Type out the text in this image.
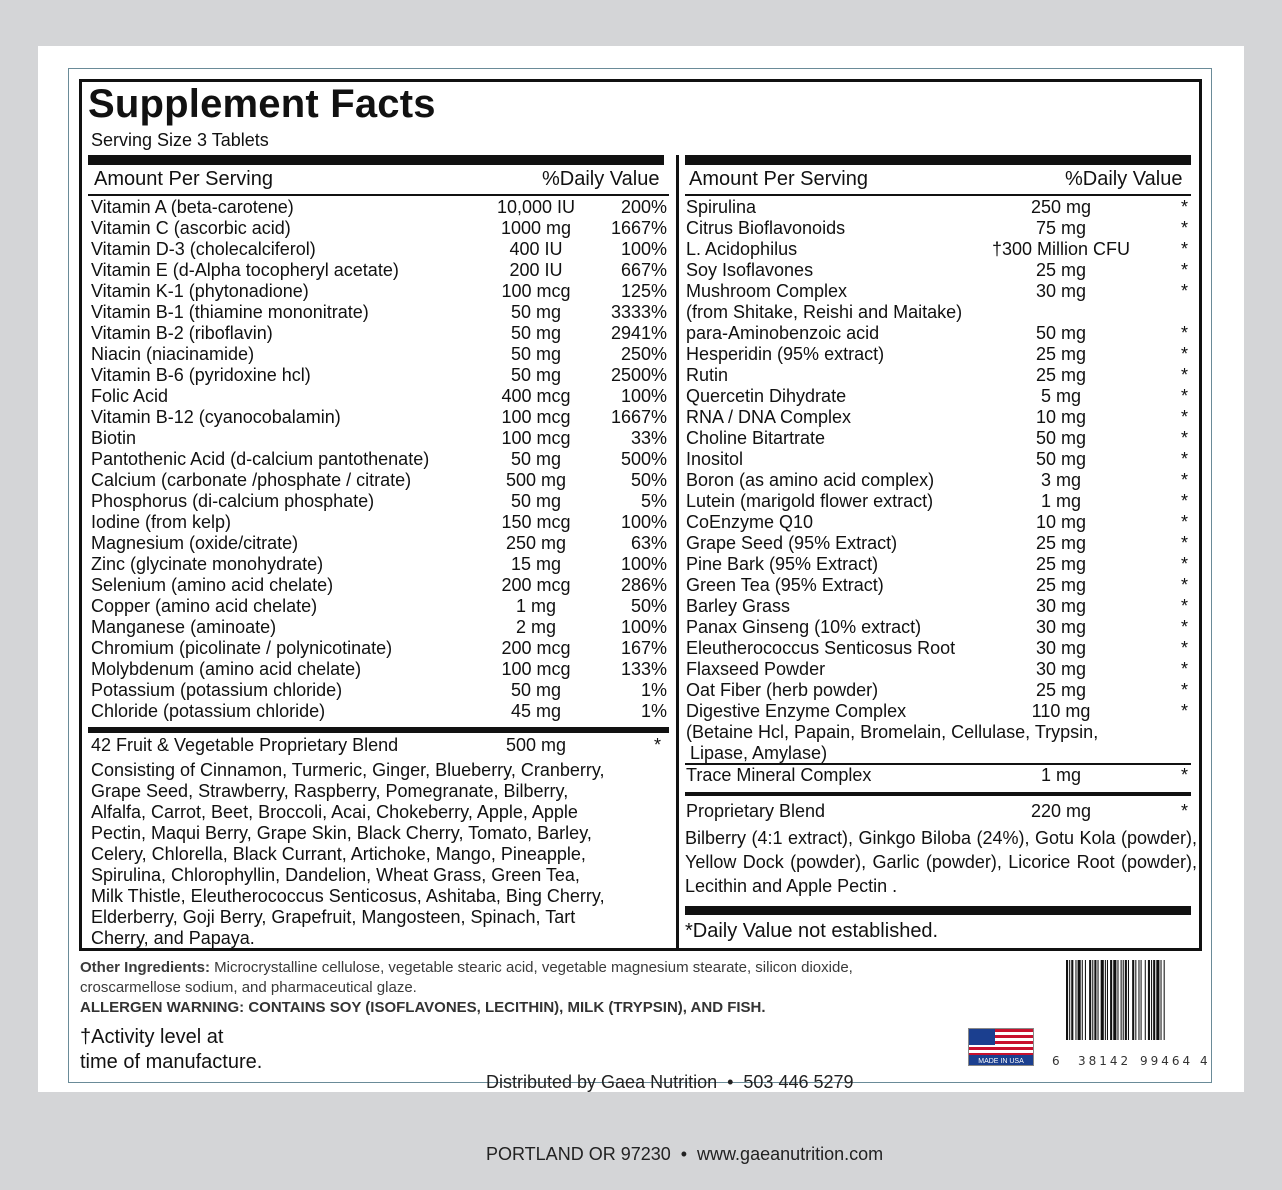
Supplement Facts
Serving Size 3 Tablets
Amount Per Serving	%Daily Value Amount Per Serving	%Daily Value
Vitamin A (beta-carotene)	10,000 IU	200%
Vitamin C (ascorbic acid)	1000 mg	1667%
Vitamin D-3 (cholecalciferol)	400 IU	100%
Vitamin E (d-Alpha tocopheryl acetate)	200 IU	667%
Vitamin K-1 (phytonadione)	100 mcg	125%
Vitamin B-1 (thiamine mononitrate)	50 mg	3333%
Vitamin B-2 (riboflavin)	50 mg	2941%
Niacin (niacinamide)	50 mg	250%
Vitamin B-6 (pyridoxine hcl)	50 mg	2500%
Folic Acid	400 mcg	100%
Vitamin B-12 (cyanocobalamin)	100 mcg	1667%
Biotin	100 mcg	33%
Pantothenic Acid (d-calcium pantothenate)	50 mg	500%
Calcium (carbonate /phosphate / citrate)	500 mg	50%
Phosphorus (di-calcium phosphate)	50 mg	5%
Iodine (from kelp)	150 mcg	100%
Magnesium (oxide/citrate)	250 mg	63%
Zinc (glycinate monohydrate)	15 mg	100%
Selenium (amino acid chelate)	200 mcg	286%
Copper (amino acid chelate)	1 mg	50%
Manganese (aminoate)	2 mg	100%
Chromium (picolinate / polynicotinate)	200 mcg	167%
Molybdenum (amino acid chelate)	100 mcg	133%
Potassium (potassium chloride)	50 mg	1%
Chloride (potassium chloride)	45 mg	1%
Spirulina	250 mg	*
Citrus Bioflavonoids	75 mg	*
L. Acidophilus	†300 Million CFU	*
Soy Isoflavones	25 mg	*
Mushroom Complex	30 mg	*
(from Shitake, Reishi and Maitake)
para-Aminobenzoic acid	50 mg	*
Hesperidin (95% extract)	25 mg	*
Rutin	25 mg	*
Quercetin Dihydrate	5 mg	*
RNA / DNA Complex	10 mg	*
Choline Bitartrate	50 mg	*
Inositol	50 mg	*
Boron (as amino acid complex)	3 mg	*
Lutein (marigold flower extract)	1 mg	*
CoEnzyme Q10	10 mg	*
Grape Seed (95% Extract)	25 mg	*
Pine Bark (95% Extract)	25 mg	*
Green Tea (95% Extract)	25 mg	*
Barley Grass	30 mg	*
Panax Ginseng (10% extract)	30 mg	*
Eleutherococcus Senticosus Root	30 mg	*
Flaxseed Powder	30 mg	*
Oat Fiber (herb powder)	25 mg	*
42 Fruit & Vegetable Proprietary Blend	500 mg	*
Consisting of Cinnamon, Turmeric, Ginger, Blueberry, Cranberry,
Grape Seed, Strawberry, Raspberry, Pomegranate, Bilberry,
Alfalfa, Carrot, Beet, Broccoli, Acai, Chokeberry, Apple, Apple
Pectin, Maqui Berry, Grape Skin, Black Cherry, Tomato, Barley,
Celery, Chlorella, Black Currant, Artichoke, Mango, Pineapple,
Spirulina, Chlorophyllin, Dandelion, Wheat Grass, Green Tea,
Milk Thistle, Eleutherococcus Senticosus, Ashitaba, Bing Cherry,
Elderberry, Goji Berry, Grapefruit, Mangosteen, Spinach, Tart
Cherry, and Papaya.
Digestive Enzyme Complex	110 mg	*
(Betaine Hcl, Papain, Bromelain, Cellulase, Trypsin,
Lipase, Amylase)
Trace Mineral Complex	1 mg	*
Proprietary Blend	220 mg	*
Bilberry (4:1 extract), Ginkgo Biloba (24%), Gotu Kola (powder), Yellow Dock (powder), Garlic (powder), Licorice Root (powder), Lecithin and Apple Pectin .
*Daily Value not established.
Other Ingredients: Microcrystalline cellulose, vegetable stearic acid, vegetable magnesium stearate, silicon dioxide,
croscarmellose sodium, and pharmaceutical glaze.
ALLERGEN WARNING: CONTAINS SOY (ISOFLAVONES, LECITHIN), MILK (TRYPSIN), AND FISH.
†Activity level at
time of manufacture.

Distributed by Gaea Nutrition  •  503 446 5279

PORTLAND OR 97230  •  www.gaeanutrition.com

MADE IN USA 6 38142 99464 4
